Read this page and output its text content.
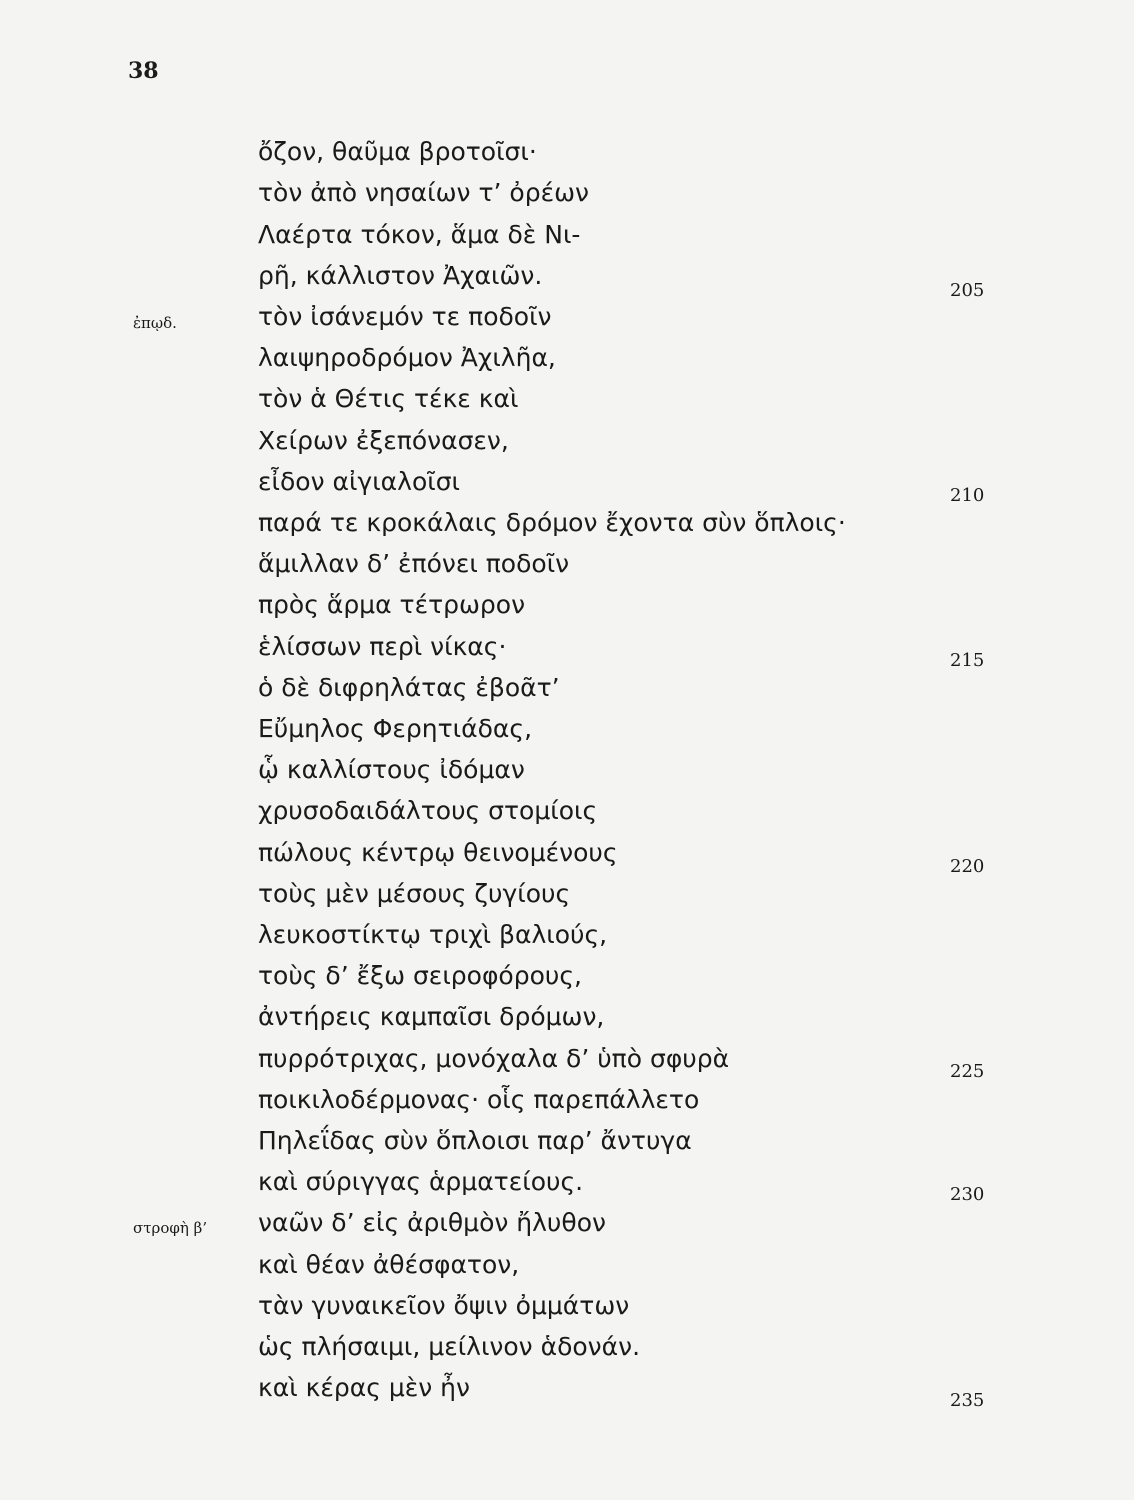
38
ὄζον, θαῦμα βροτοῖσι·
τὸν ἀπὸ νησαίων τ’ ὀρέων
Λαέρτα τόκον, ἅμα δὲ Νι-
ρῆ, κάλλιστον Ἀχαιῶν.
τὸν ἰσάνεμόν τε ποδοῖν
λαιψηροδρόμον Ἀχιλῆα,
τὸν ἁ Θέτις τέκε καὶ
Χείρων ἐξεπόνασεν,
εἶδον αἰγιαλοῖσι
παρά τε κροκάλαις δρόμον ἔχοντα σὺν ὅπλοις·
ἅμιλλαν δ’ ἐπόνει ποδοῖν
πρὸς ἅρμα τέτρωρον
ἑλίσσων περὶ νίκας·
ὁ δὲ διφρηλάτας ἐβοᾶτ’
Εὔμηλος Φερητιάδας,
ᾧ καλλίστους ἰδόμαν
χρυσοδαιδάλτους στομίοις
πώλους κέντρῳ θεινομένους
τοὺς μὲν μέσους ζυγίους
λευκοστίκτῳ τριχὶ βαλιούς,
τοὺς δ’ ἔξω σειροφόρους,
ἀντήρεις καμπαῖσι δρόμων,
πυρρότριχας, μονόχαλα δ’ ὑπὸ σφυρὰ
ποικιλοδέρμονας· οἷς παρεπάλλετο
Πηλεΐδας σὺν ὅπλοισι παρ’ ἄντυγα
καὶ σύριγγας ἁρματείους.
ναῶν δ’ εἰς ἀριθμὸν ἤλυθον
καὶ θέαν ἀθέσφατον,
τὰν γυναικεῖον ὄψιν ὀμμάτων
ὡς πλήσαιμι, μείλινον ἁδονάν.
καὶ κέρας μὲν ἦν
ἐπῳδ.
στροφὴ β’
205
210
215
220
225
230
235
